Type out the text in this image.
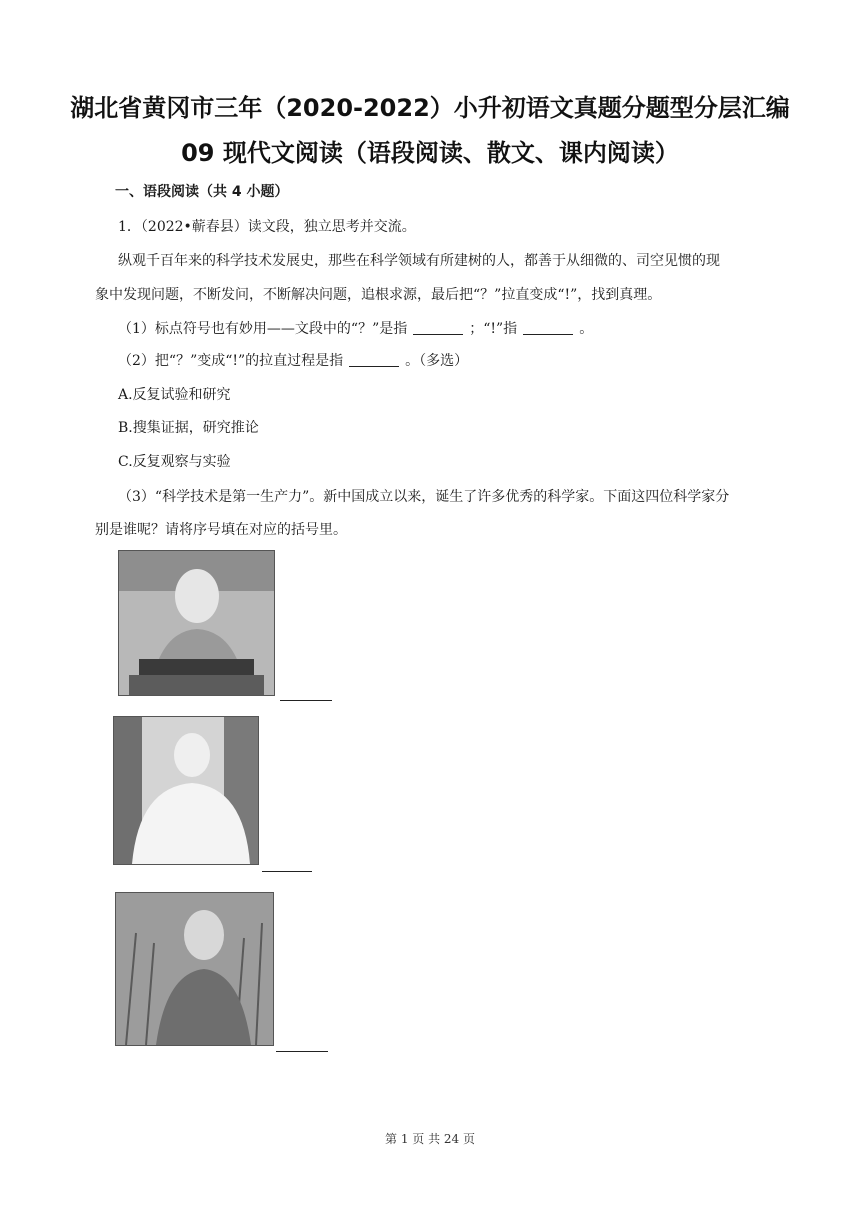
湖北省黄冈市三年（2020-2022）小升初语文真题分题型分层汇编
09 现代文阅读（语段阅读、散文、课内阅读）
一、语段阅读（共 4 小题）
1．（2022•蕲春县）读文段，独立思考并交流。
纵观千百年来的科学技术发展史，那些在科学领域有所建树的人，都善于从细微的、司空见惯的现
象中发现问题，不断发问，不断解决问题，追根求源，最后把“？”拉直变成“!”，找到真理。
（1）标点符号也有妙用——文段中的“？”是指	；“!”指	。
（2）把“？”变成“!”的拉直过程是指	。（多选）
A.反复试验和研究
B.搜集证据，研究推论
C.反复观察与实验
（3）“科学技术是第一生产力”。新中国成立以来，诞生了许多优秀的科学家。下面这四位科学家分
别是谁呢？请将序号填在对应的括号里。
第 1 页 共 24 页
